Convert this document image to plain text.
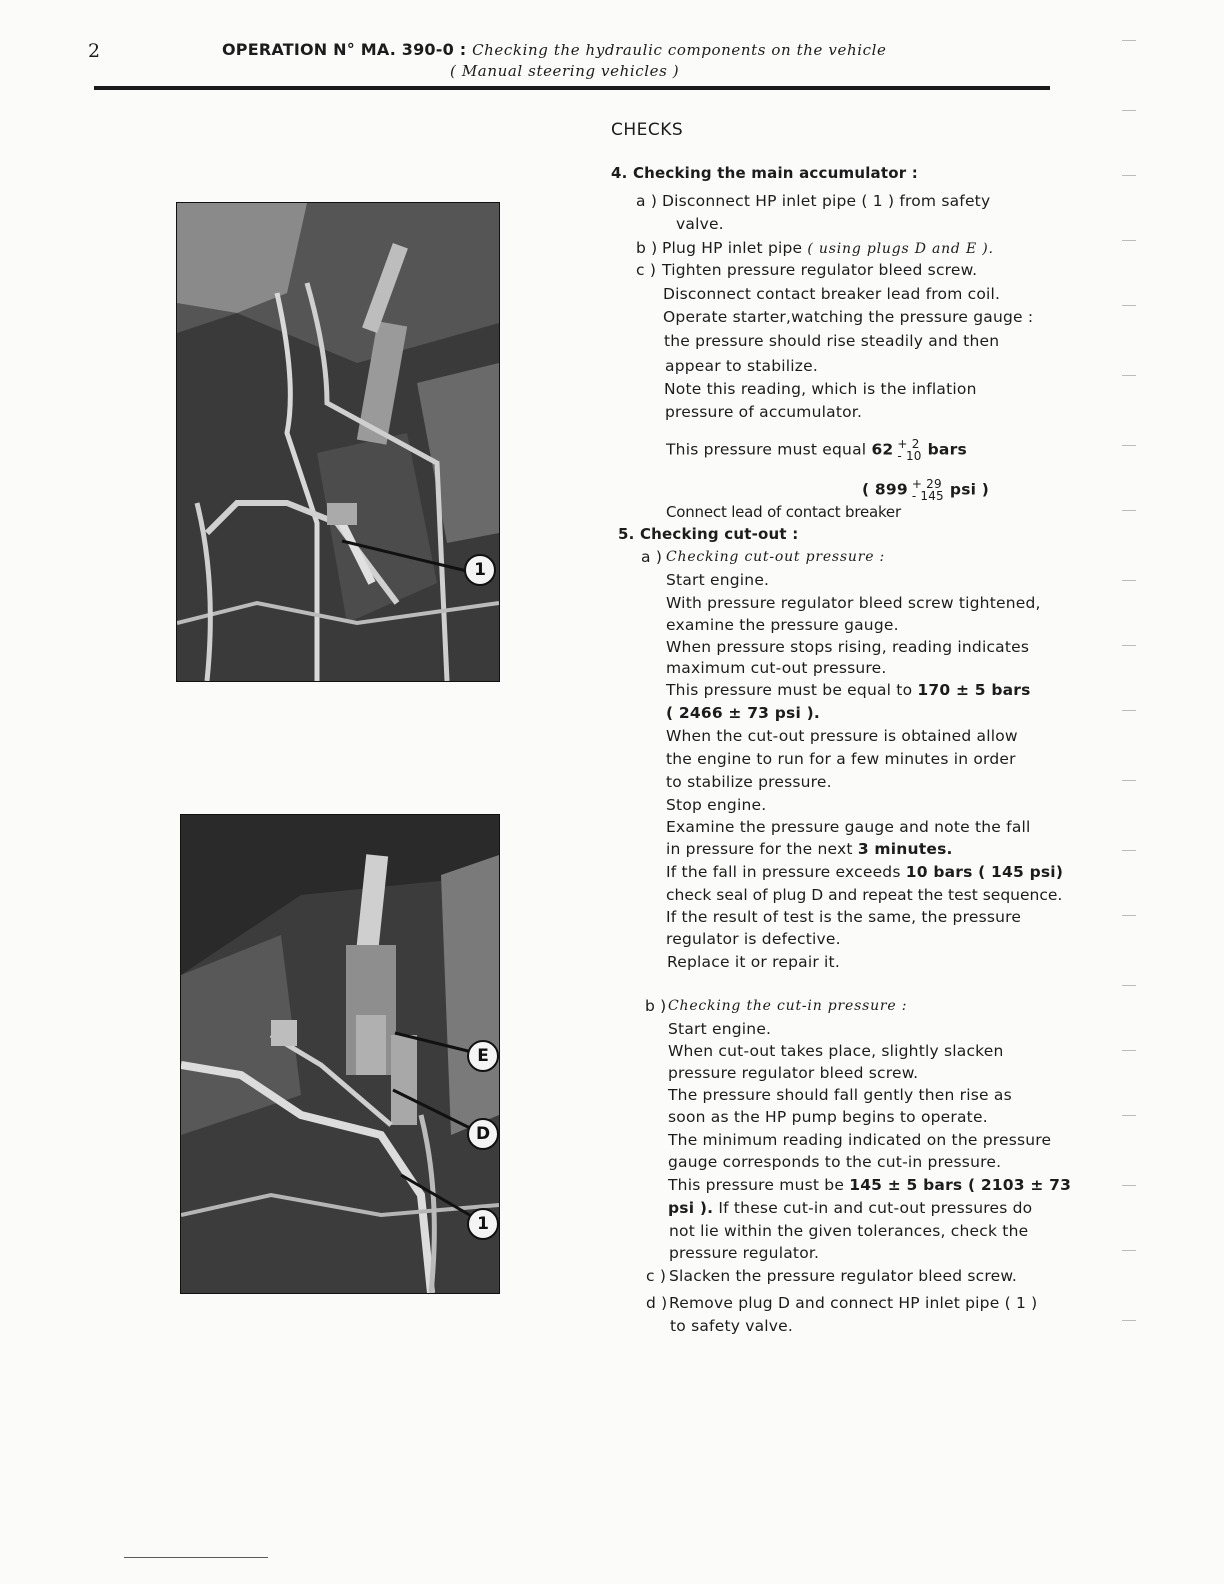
2	OPERATION N° MA. 390-0 : Checking the hydraulic components on the vehicle
( Manual steering vehicles )
CHECKS
1
E
D
1
4. Checking the main accumulator :
a ) Disconnect HP inlet pipe ( 1 ) from safety
valve.
b ) Plug HP inlet pipe ( using plugs D and E ).
c ) Tighten pressure regulator bleed screw.
Disconnect contact breaker lead from coil.
Operate starter,watching the pressure gauge :
the pressure should rise steadily and then
appear to stabilize.
Note this reading, which is the inflation
pressure of accumulator.
This pressure must equal 62 + 2
- 10 bars
( 899 + 29
- 145 psi )
Connect lead of contact breaker
5. Checking cut-out :
a ) Checking cut-out pressure :
Start engine.
With pressure regulator bleed screw tightened,
examine the pressure gauge.
When pressure stops rising, reading indicates
maximum cut-out pressure.
This pressure must be equal to 170 ± 5 bars
( 2466 ± 73 psi ).
When the cut-out pressure is obtained allow
the engine to run for a few minutes in order
to stabilize pressure.
Stop engine.
Examine the pressure gauge and note the fall
in pressure for the next 3 minutes.
If the fall in pressure exceeds 10 bars ( 145 psi)
check seal of plug D and repeat the test sequence.
If the result of test is the same, the pressure
regulator is defective.
Replace it or repair it.
b ) Checking the cut-in pressure :
Start engine.
When cut-out takes place, slightly slacken
pressure regulator bleed screw.
The pressure should fall gently then rise as
soon as the HP pump begins to operate.
The minimum reading indicated on the pressure
gauge corresponds to the cut-in pressure.
This pressure must be 145 ± 5 bars ( 2103 ± 73
psi ). If these cut-in and cut-out pressures do
not lie within the given tolerances, check the
pressure regulator.
c ) Slacken the pressure regulator bleed screw.
d ) Remove plug D and connect HP inlet pipe ( 1 )
to safety valve.
